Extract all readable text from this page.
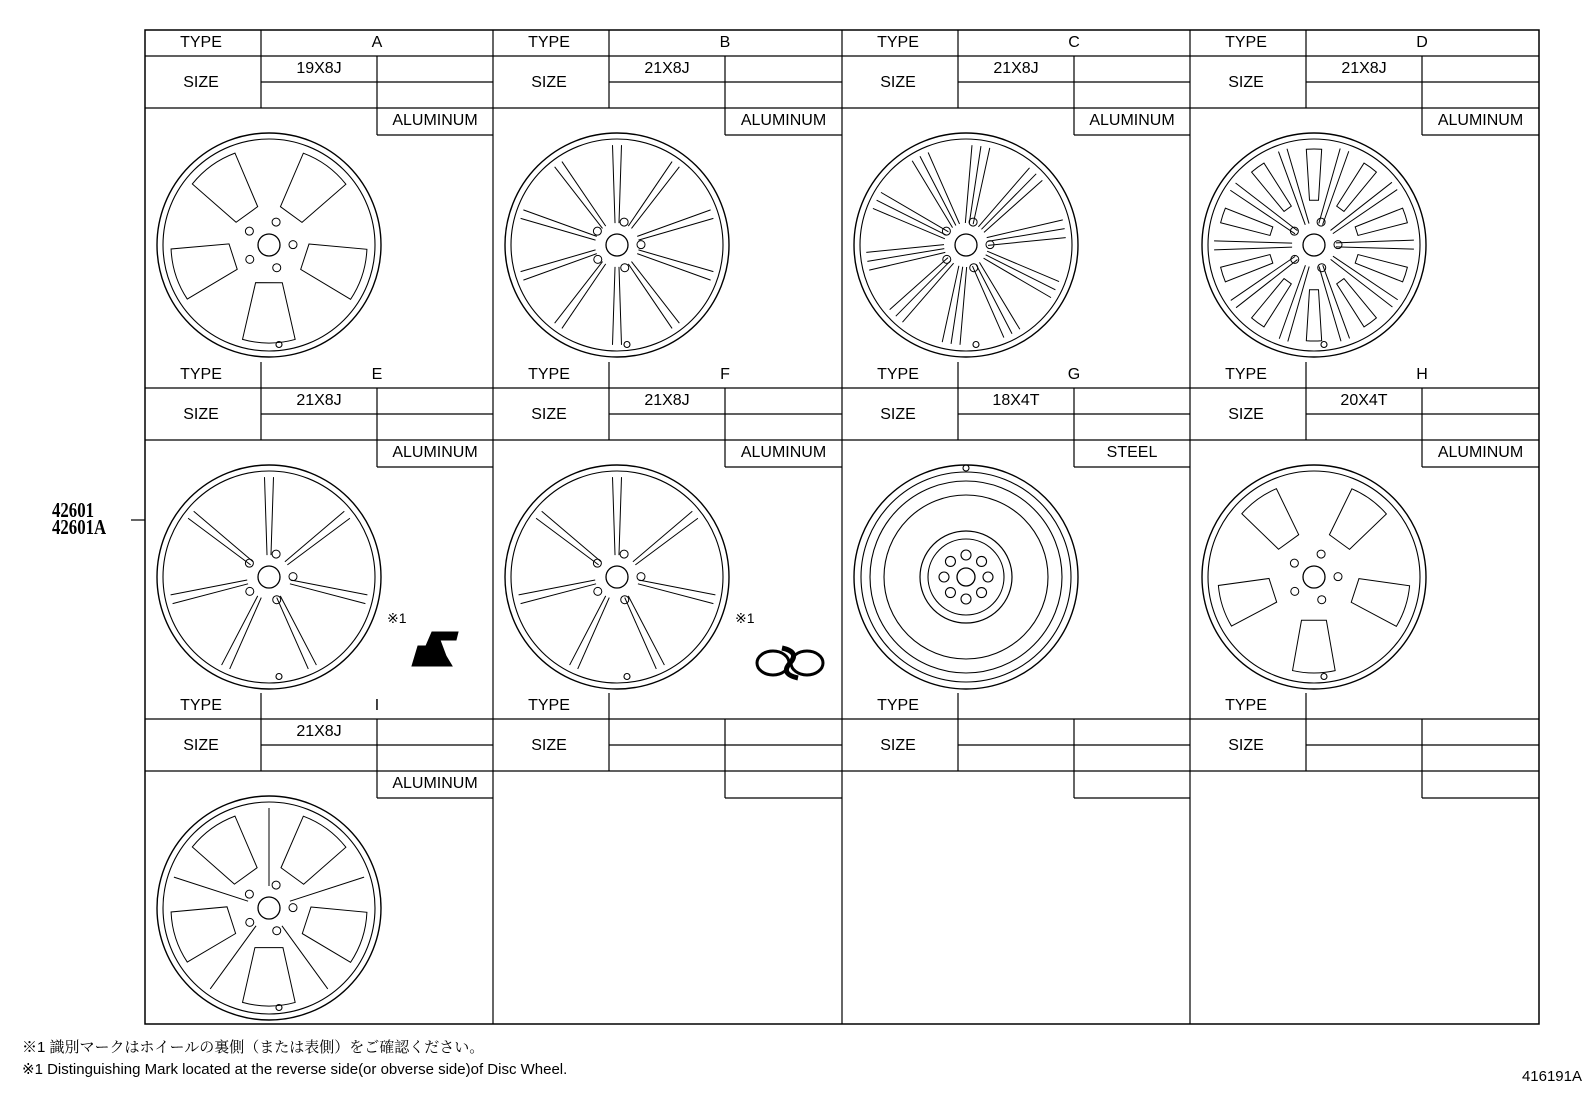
TYPE
SIZE
A
19X8J
ALUMINUM
TYPE
SIZE
B
21X8J
ALUMINUM
TYPE
SIZE
C
21X8J
ALUMINUM
TYPE
SIZE
D
21X8J
ALUMINUM
TYPE
SIZE
E
21X8J
ALUMINUM
※1
TYPE
SIZE
F
21X8J
ALUMINUM
※1
TYPE
SIZE
G
18X4T
STEEL
TYPE
SIZE
H
20X4T
ALUMINUM
TYPE
SIZE
I
21X8J
ALUMINUM
TYPE
SIZE
TYPE
SIZE
TYPE
SIZE
42601
42601A
※1 識別マークはホイールの裏側（または表側）をご確認ください。
※1 Distinguishing Mark located at the reverse side(or obverse side)of Disc Wheel.	416191A
